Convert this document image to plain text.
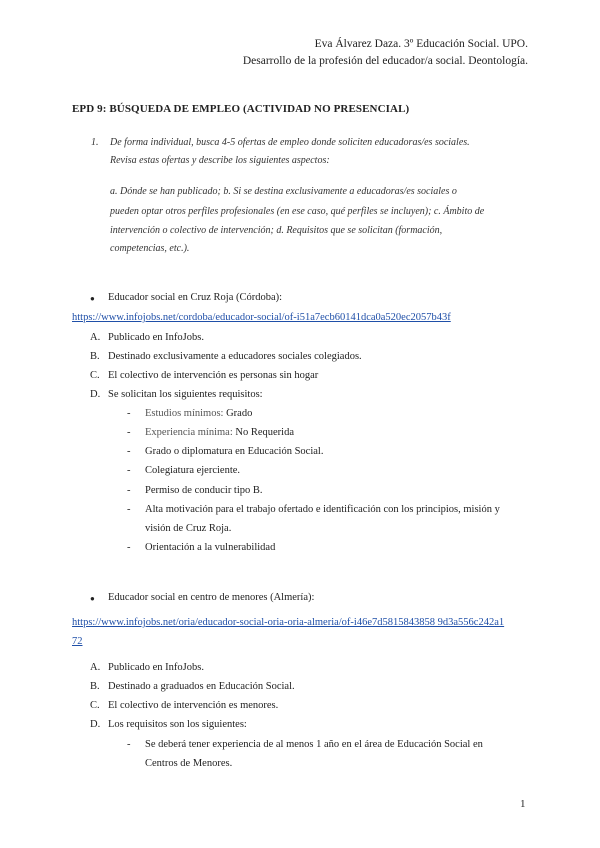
Eva Álvarez Daza. 3º Educación Social. UPO.
Desarrollo de la profesión del educador/a social. Deontología.
EPD 9: BÚSQUEDA DE EMPLEO (ACTIVIDAD NO PRESENCIAL)
1. De forma individual, busca 4-5 ofertas de empleo donde soliciten educadoras/es sociales.
Revisa estas ofertas y describe los siguientes aspectos:
a. Dónde se han publicado; b. Si se destina exclusivamente a educadoras/es sociales o
pueden optar otros perfiles profesionales (en ese caso, qué perfiles se incluyen); c. Ámbito de
intervención o colectivo de intervención; d. Requisitos que se solicitan (formación,
competencias, etc.).
● Educador social en Cruz Roja (Córdoba):
https://www.infojobs.net/cordoba/educador-social/of-i51a7ecb60141dca0a520ec2057b43f
A. Publicado en InfoJobs.
B. Destinado exclusivamente a educadores sociales colegiados.
C. El colectivo de intervención es personas sin hogar
D. Se solicitan los siguientes requisitos:
- Estudios mínimos: Grado
- Experiencia mínima: No Requerida
- Grado o diplomatura en Educación Social.
- Colegiatura ejerciente.
- Permiso de conducir tipo B.
- Alta motivación para el trabajo ofertado e identificación con los principios, misión y
visión de Cruz Roja.
- Orientación a la vulnerabilidad
● Educador social en centro de menores (Almería):
https://www.infojobs.net/oria/educador-social-oria-oria-almeria/of-i46e7d5815843858 9d3a556c242a1
72
A. Publicado en InfoJobs.
B. Destinado a graduados en Educación Social.
C. El colectivo de intervención es menores.
D. Los requisitos son los siguientes:
- Se deberá tener experiencia de al menos 1 año en el área de Educación Social en
Centros de Menores.
1
